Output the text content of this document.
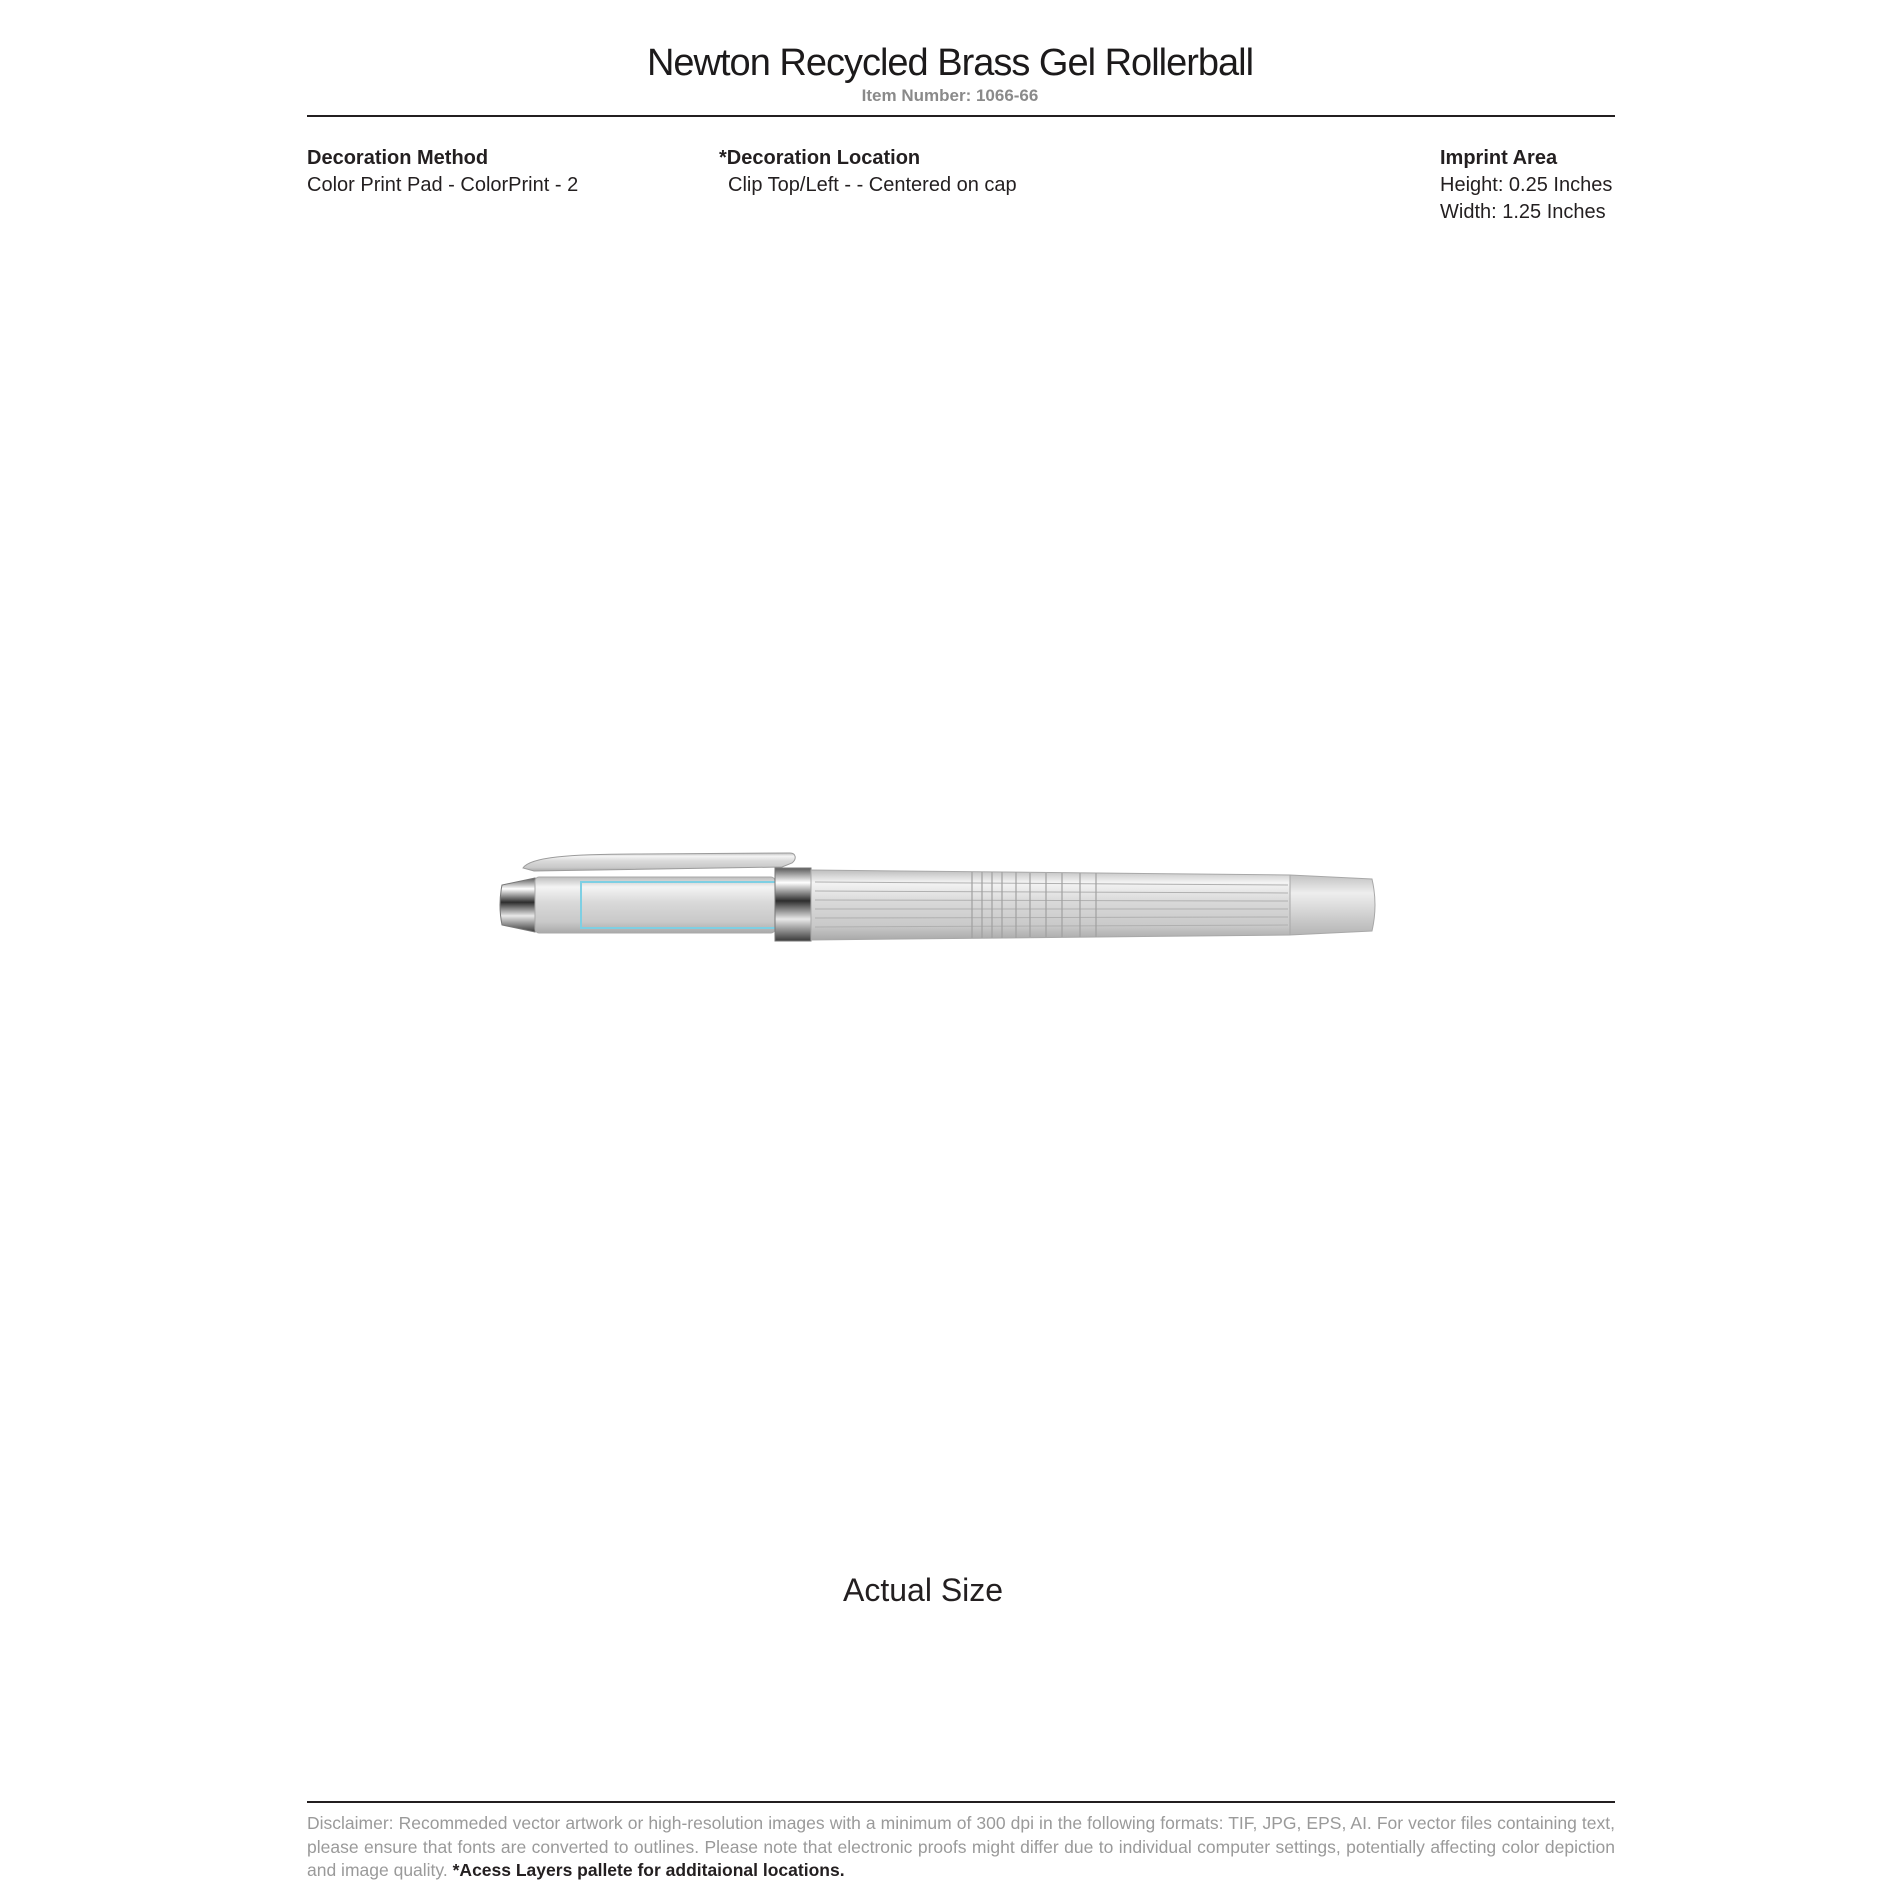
Newton Recycled Brass Gel Rollerball
Item Number: 1066-66
Decoration Method
Color Print Pad - ColorPrint - 2
*Decoration Location
Clip Top/Left - - Centered on cap
Imprint Area
Height: 0.25 Inches
Width: 1.25 Inches
Actual Size
Disclaimer: Recommeded vector artwork or high-resolution images with a minimum of 300 dpi in the following formats: TIF, JPG, EPS, AI. For vector files containing text, please ensure that fonts are converted to outlines. Please note that electronic proofs might differ due to individual computer settings, potentially affecting color depiction and image quality. *Acess Layers pallete for additaional locations.
